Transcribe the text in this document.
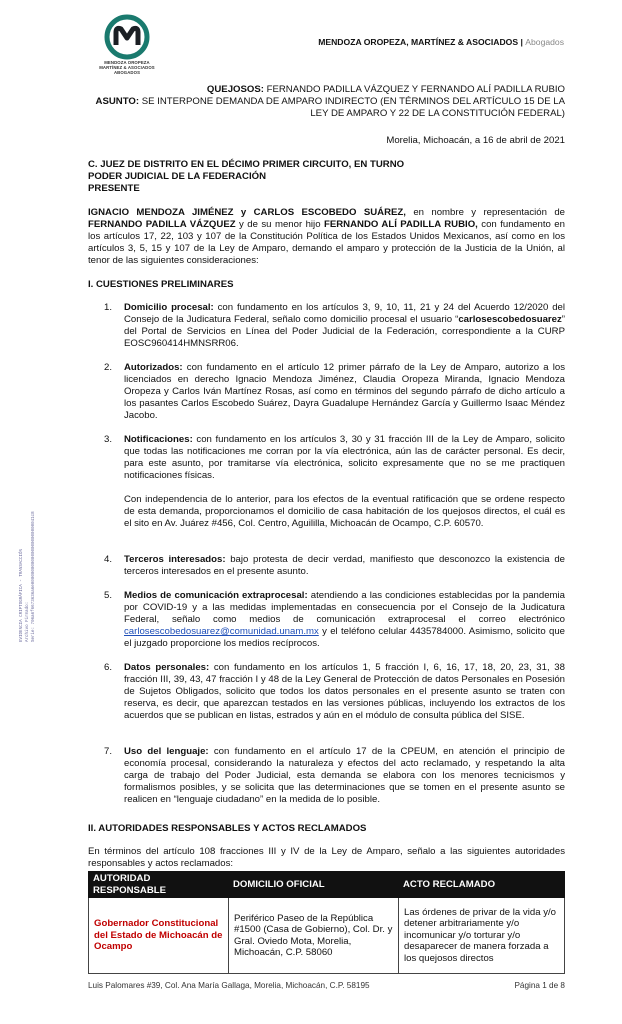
MENDOZA OROPEZA
MARTÍNEZ & ASOCIADOS
ABOGADOS
MENDOZA OROPEZA, MARTÍNEZ & ASOCIADOS | Abogados
QUEJOSOS: FERNANDO PADILLA VÁZQUEZ Y FERNANDO ALÍ PADILLA RUBIO
ASUNTO: SE INTERPONE DEMANDA DE AMPARO INDIRECTO (EN TÉRMINOS DEL ARTÍCULO 15 DE LA
LEY DE AMPARO Y 22 DE LA CONSTITUCIÓN FEDERAL)
Morelia, Michoacán, a 16 de abril de 2021
C. JUEZ DE DISTRITO EN EL DÉCIMO PRIMER CIRCUITO, EN TURNO
PODER JUDICIAL DE LA FEDERACIÓN
PRESENTE
IGNACIO MENDOZA JIMÉNEZ y CARLOS ESCOBEDO SUÁREZ, en nombre y representación de FERNANDO PADILLA VÁZQUEZ y de su menor hijo FERNANDO ALÍ PADILLA RUBIO, con fundamento en los artículos 17, 22, 103 y 107 de la Constitución Política de los Estados Unidos Mexicanos, así como en los artículos 3, 5, 15 y 107 de la Ley de Amparo, demando el amparo y protección de la Justicia de la Unión, al tenor de las siguientes consideraciones:
I. CUESTIONES PRELIMINARES
1. Domicilio procesal: con fundamento en los artículos 3, 9, 10, 11, 21 y 24 del Acuerdo 12/2020 del Consejo de la Judicatura Federal, señalo como domicilio procesal el usuario “carlosescobedosuarez” del Portal de Servicios en Línea del Poder Judicial de la Federación, correspondiente a la CURP EOSC960414HMNSRR06.
2. Autorizados: con fundamento en el artículo 12 primer párrafo de la Ley de Amparo, autorizo a los licenciados en derecho Ignacio Mendoza Jiménez, Claudia Oropeza Miranda, Ignacio Mendoza Oropeza y Carlos Iván Martínez Rosas, así como en términos del segundo párrafo de dicho artículo a los pasantes Carlos Escobedo Suárez, Dayra Guadalupe Hernández García y Guillermo Isaac Méndez Jacobo.
3. Notificaciones: con fundamento en los artículos 3, 30 y 31 fracción III de la Ley de Amparo, solicito que todas las notificaciones me corran por la vía electrónica, aún las de carácter personal. Es decir, para este asunto, por tramitarse vía electrónica, solicito expresamente que no se me practiquen notificaciones físicas.
Con independencia de lo anterior, para los efectos de la eventual ratificación que se ordene respecto de esta demanda, proporcionamos el domicilio de casa habitación de los quejosos directos, el cuál es el sito en Av. Juárez #456, Col. Centro, Aguililla, Michoacán de Ocampo, C.P. 60570.
4. Terceros interesados: bajo protesta de decir verdad, manifiesto que desconozco la existencia de terceros interesados en el presente asunto.
5. Medios de comunicación extraprocesal: atendiendo a las condiciones establecidas por la pandemia por COVID-19 y a las medidas implementadas en consecuencia por el Consejo de la Judicatura Federal, señalo como medios de comunicación extraprocesal el correo electrónico carlosescobedosuarez@comunidad.unam.mx y el teléfono celular 4435784000. Asimismo, solicito que el juzgado proporcione los medios recíprocos.
6. Datos personales: con fundamento en los artículos 1, 5 fracción I, 6, 16, 17, 18, 20, 23, 31, 38 fracción III, 39, 43, 47 fracción I y 48 de la Ley General de Protección de datos Personales en Posesión de Sujetos Obligados, solicito que todos los datos personales en el presente asunto se traten con reserva, es decir, que aparezcan testados en las versiones públicas, incluyendo los extractos de los acuerdos que se publican en listas, estrados y aún en el módulo de consulta pública del SISE.
7. Uso del lenguaje: con fundamento en el artículo 17 de la CPEUM, en atención el principio de economía procesal, considerando la naturaleza y efectos del acto reclamado, y respetando la alta carga de trabajo del Poder Judicial, esta demanda se elabora con los menores tecnicismos y formalismos posibles, y se solicita que las determinaciones que se tomen en el presente asunto se realicen en “lenguaje ciudadano” en la medida de lo posible.
II. AUTORIDADES RESPONSABLES Y ACTOS RECLAMADOS
En términos del artículo 108 fracciones III y IV de la Ley de Amparo, señalo a las siguientes autoridades responsables y actos reclamados:
AUTORIDAD RESPONSABLE	DOMICILIO OFICIAL	ACTO RECLAMADO
Gobernador Constitucional del Estado de Michoacán de Ocampo	Periférico Paseo de la República #1500 (Casa de Gobierno), Col. Dr. y Gral. Oviedo Mota, Morelia, Michoacán, C.P. 58060	Las órdenes de privar de la vida y/o detener arbitrariamente y/o incomunicar y/o torturar y/o desaparecer de manera forzada a los quejosos directos
EVIDENCIA CRIPTOGRÁFICA - TRANSACCIÓN Archivo Firmado: Serie: 706a6f6673636a6e000000000000000000000000041c8
Luis Palomares #39, Col. Ana María Gallaga, Morelia, Michoacán, C.P. 58195	Página 1 de 8
